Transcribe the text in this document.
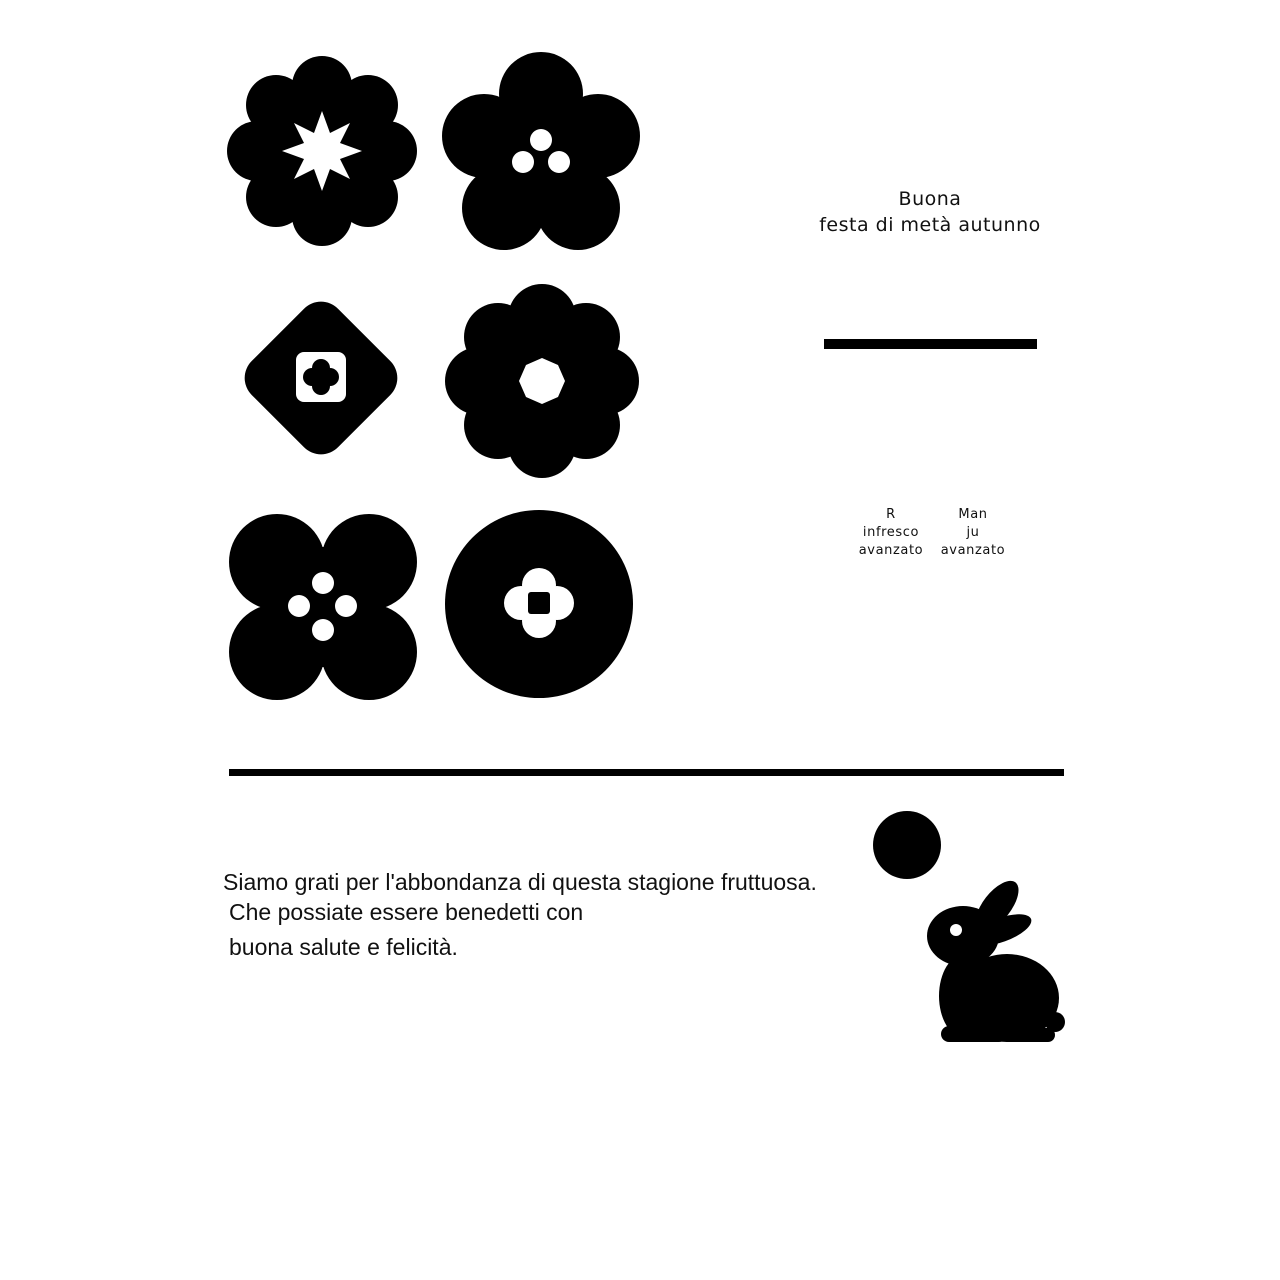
Buona
festa di metà autunno
R
infresco
avanzato
Man
ju
avanzato
Siamo grati per l'abbondanza di questa stagione fruttuosa.
Che possiate essere benedetti con
buona salute e felicità.
